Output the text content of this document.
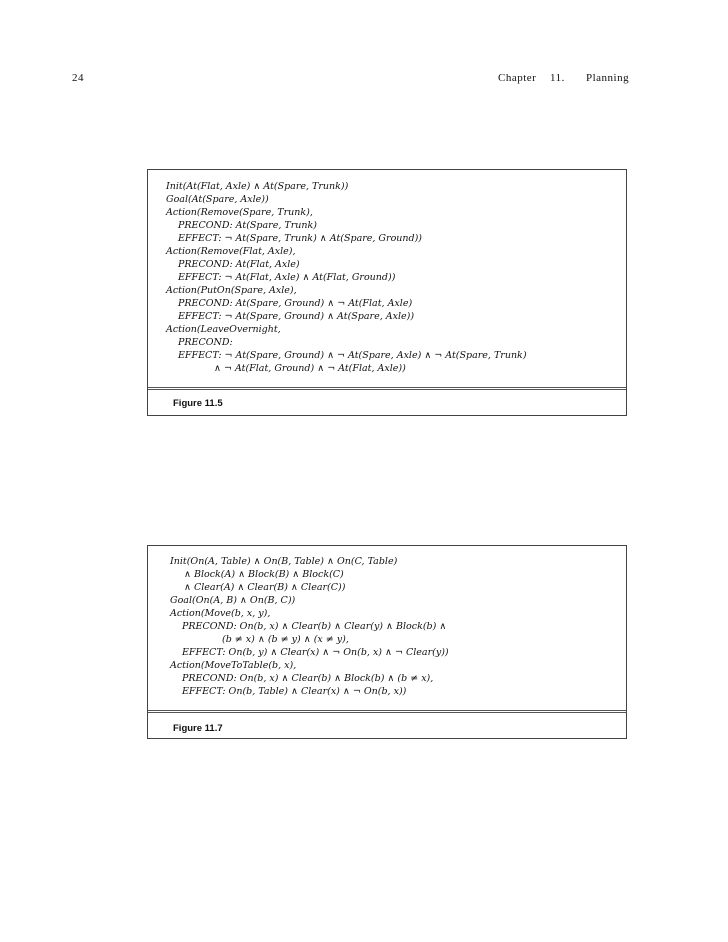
24	Chapter 11. Planning
Init(At(Flat, Axle) ∧ At(Spare, Trunk))
Goal(At(Spare, Axle))
Action(Remove(Spare, Trunk),
PRECOND: At(Spare, Trunk)
EFFECT: ¬ At(Spare, Trunk) ∧ At(Spare, Ground))
Action(Remove(Flat, Axle),
PRECOND: At(Flat, Axle)
EFFECT: ¬ At(Flat, Axle) ∧ At(Flat, Ground))
Action(PutOn(Spare, Axle),
PRECOND: At(Spare, Ground) ∧ ¬ At(Flat, Axle)
EFFECT: ¬ At(Spare, Ground) ∧ At(Spare, Axle))
Action(LeaveOvernight,
PRECOND:
EFFECT: ¬ At(Spare, Ground) ∧ ¬ At(Spare, Axle) ∧ ¬ At(Spare, Trunk)
∧ ¬ At(Flat, Ground) ∧ ¬ At(Flat, Axle))
Figure 11.5
Init(On(A, Table) ∧ On(B, Table) ∧ On(C, Table)
∧ Block(A) ∧ Block(B) ∧ Block(C)
∧ Clear(A) ∧ Clear(B) ∧ Clear(C))
Goal(On(A, B) ∧ On(B, C))
Action(Move(b, x, y),
PRECOND: On(b, x) ∧ Clear(b) ∧ Clear(y) ∧ Block(b) ∧
(b ≠ x) ∧ (b ≠ y) ∧ (x ≠ y),
EFFECT: On(b, y) ∧ Clear(x) ∧ ¬ On(b, x) ∧ ¬ Clear(y))
Action(MoveToTable(b, x),
PRECOND: On(b, x) ∧ Clear(b) ∧ Block(b) ∧ (b ≠ x),
EFFECT: On(b, Table) ∧ Clear(x) ∧ ¬ On(b, x))
Figure 11.7
